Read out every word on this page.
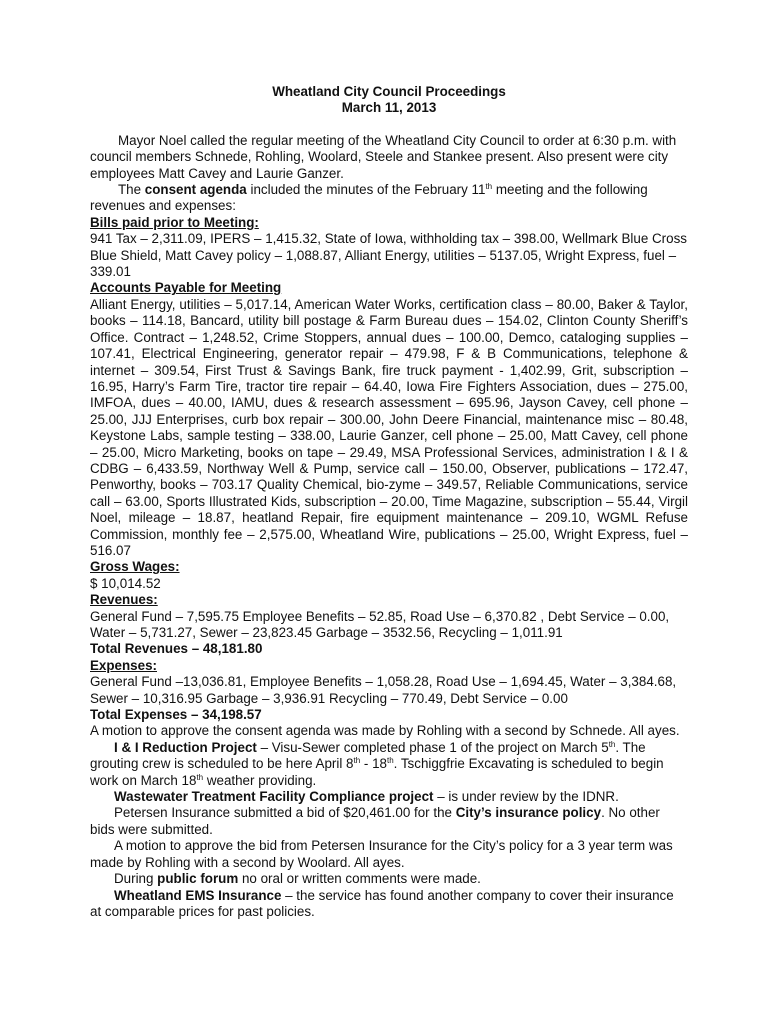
Wheatland City Council Proceedings

March 11, 2013

Mayor Noel called the regular meeting of the Wheatland City Council to order at 6:30 p.m. with council members Schnede, Rohling, Woolard, Steele and Stankee present. Also present were city employees Matt Cavey and Laurie Ganzer.

The consent agenda included the minutes of the February 11th meeting and the following revenues and expenses:

Bills paid prior to Meeting:

941 Tax – 2,311.09, IPERS – 1,415.32, State of Iowa, withholding tax – 398.00, Wellmark Blue Cross Blue Shield, Matt Cavey policy – 1,088.87, Alliant Energy, utilities – 5137.05, Wright Express, fuel – 339.01

Accounts Payable for Meeting

Alliant Energy, utilities – 5,017.14, American Water Works, certification class – 80.00, Baker & Taylor, books – 114.18, Bancard, utility bill postage & Farm Bureau dues – 154.02, Clinton County Sheriff’s Office. Contract – 1,248.52, Crime Stoppers, annual dues – 100.00, Demco, cataloging supplies – 107.41, Electrical Engineering, generator repair – 479.98, F & B Communications, telephone & internet – 309.54, First Trust & Savings Bank, fire truck payment - 1,402.99, Grit, subscription – 16.95, Harry’s Farm Tire, tractor tire repair – 64.40, Iowa Fire Fighters Association, dues – 275.00, IMFOA, dues – 40.00, IAMU, dues & research assessment – 695.96, Jayson Cavey, cell phone – 25.00, JJJ Enterprises, curb box repair – 300.00, John Deere Financial, maintenance misc – 80.48, Keystone Labs, sample testing – 338.00, Laurie Ganzer, cell phone – 25.00, Matt Cavey, cell phone – 25.00, Micro Marketing, books on tape – 29.49, MSA Professional Services, administration I & I & CDBG – 6,433.59, Northway Well & Pump, service call – 150.00, Observer, publications – 172.47, Penworthy, books – 703.17 Quality Chemical, bio-zyme – 349.57, Reliable Communications, service call – 63.00, Sports Illustrated Kids, subscription – 20.00, Time Magazine, subscription – 55.44, Virgil Noel, mileage – 18.87, heatland Repair, fire equipment maintenance – 209.10, WGML Refuse Commission, monthly fee – 2,575.00, Wheatland Wire, publications – 25.00, Wright Express, fuel – 516.07

Gross Wages:

$ 10,014.52

Revenues:

General Fund – 7,595.75 Employee Benefits – 52.85, Road Use – 6,370.82 , Debt Service – 0.00, Water – 5,731.27, Sewer – 23,823.45 Garbage – 3532.56, Recycling – 1,011.91

Total Revenues – 48,181.80

Expenses:

General Fund –13,036.81, Employee Benefits – 1,058.28, Road Use – 1,694.45, Water – 3,384.68, Sewer – 10,316.95 Garbage – 3,936.91 Recycling – 770.49, Debt Service – 0.00

Total Expenses – 34,198.57

A motion to approve the consent agenda was made by Rohling with a second by Schnede. All ayes.

I & I Reduction Project – Visu-Sewer completed phase 1 of the project on March 5th. The grouting crew is scheduled to be here April 8th - 18th. Tschiggfrie Excavating is scheduled to begin work on March 18th weather providing.

Wastewater Treatment Facility Compliance project – is under review by the IDNR.

Petersen Insurance submitted a bid of $20,461.00 for the City’s insurance policy. No other bids were submitted.

A motion to approve the bid from Petersen Insurance for the City’s policy for a 3 year term was made by Rohling with a second by Woolard. All ayes.

During public forum no oral or written comments were made.

Wheatland EMS Insurance – the service has found another company to cover their insurance at comparable prices for past policies.
